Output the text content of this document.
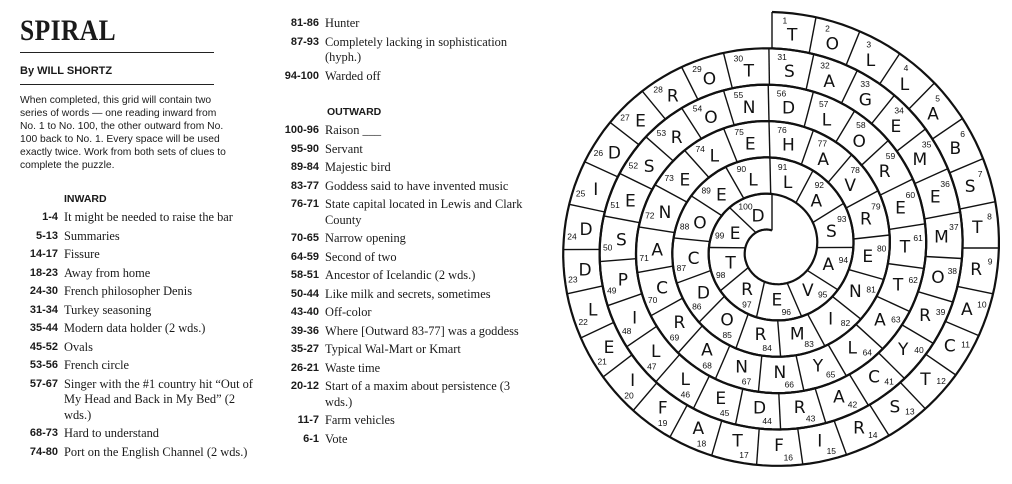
SPIRAL
By WILL SHORTZ
When completed, this grid will contain two series of words — one reading inward from No. 1 to No. 100, the other outward from No. 100 back to No. 1. Every space will be used exactly twice. Work from both sets of clues to complete the puzzle.
INWARD
1-4 It might be needed to raise the bar
5-13 Summaries
14-17 Fissure
18-23 Away from home
24-30 French philosopher Denis
31-34 Turkey seasoning
35-44 Modern data holder (2 wds.)
45-52 Ovals
53-56 French circle
57-67 Singer with the #1 country hit “Out of My Head and Back in My Bed” (2 wds.)
68-73 Hard to understand
74-80 Port on the English Channel (2 wds.)
81-86 Hunter
87-93 Completely lacking in sophistication (hyph.)
94-100 Warded off
OUTWARD
100-96 Raison ___
95-90 Servant
89-84 Majestic bird
83-77 Goddess said to have invented music
76-71 State capital located in Lewis and Clark County
70-65 Narrow opening
64-59 Second of two
58-51 Ancestor of Icelandic (2 wds.)
50-44 Like milk and secrets, sometimes
43-40 Off-color
39-36 Where [Outward 83-77] was a goddess
35-27 Typical Wal-Mart or Kmart
26-21 Waste time
20-12 Start of a maxim about persistence (3 wds.)
11-7 Farm vehicles
6-1 Vote
1
T	2
O	3
L	4
L
5
A
6
B
7
S
8
T
9
R
10
A
11
C
12
T
13
S
14
R
15
I
16
F
17
T
18
A
19
F
20
I
21
E
22
L
23 D
24 D
25 I
26 D
27 E
28 R
29
O
30
T
31
S	32
A	33
G	34
E
35
M
36
E
37
M
38
O
39
R
40
Y
41
C
42
A
43
R
44
D
45
E
46
L
47
L
48
I
49
P
50 S
51 E
52 S
53 R
54 O
55
N
56
D	57
L	58
O
59
R
60
E
61
T
62
T
63
A
64
L
65
Y
66
N
67
N
68
A
69
R
70
C
71 A
72 N
73 E
74 L
75
E
76
H	77
A	78
V
79
R
80
E
81
N
82
I
83
M
84
R
85
O
86
D
87 C
88 O
89 E
90
L
91
L	92
A
93
S
94
A
95
V
96
E
97
R
98
T
99 E
100
D
